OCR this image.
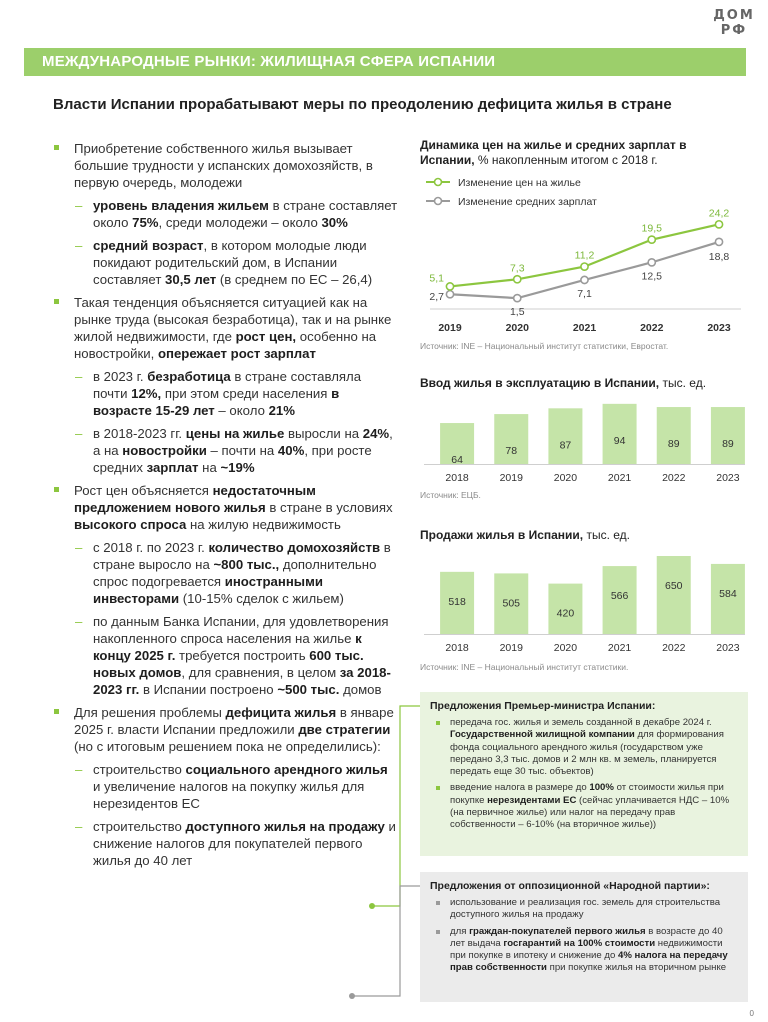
ДОМ
РФ
МЕЖДУНАРОДНЫЕ РЫНКИ: ЖИЛИЩНАЯ СФЕРА ИСПАНИИ
Власти Испании прорабатывают меры по преодолению дефицита жилья в стране
Приобретение собственного жилья вызывает большие трудности у испанских домохозяйств, в первую очередь, молодежи
– уровень владения жильем в стране составляет около 75%, среди молодежи – около 30%
– средний возраст, в котором молодые люди покидают родительский дом, в Испании составляет 30,5 лет (в среднем по ЕС – 26,4)
Такая тенденция объясняется ситуацией как на рынке труда (высокая безработица), так и на рынке жилой недвижимости, где рост цен, особенно на новостройки, опережает рост зарплат
– в 2023 г. безработица в стране составляла почти 12%, при этом среди населения в возрасте 15-29 лет – около 21%
– в 2018-2023 гг. цены на жилье выросли на 24%, а на новостройки – почти на 40%, при росте средних зарплат на ~19%
Рост цен объясняется недостаточным предложением нового жилья в стране в условиях высокого спроса на жилую недвижимость
– с 2018 г. по 2023 г. количество домохозяйств в стране выросло на ~800 тыс., дополнительно спрос подогревается иностранными инвесторами (10-15% сделок с жильем)
– по данным Банка Испании, для удовлетворения накопленного спроса населения на жилье к концу 2025 г. требуется построить 600 тыс. новых домов, для сравнения, в целом за 2018-2023 гг. в Испании построено ~500 тыс. домов
Для решения проблемы дефицита жилья в январе 2025 г. власти Испании предложили две стратегии (но с итоговым решением пока не определились):
– строительство социального арендного жилья и увеличение налогов на покупку жилья для нерезидентов ЕС
– строительство доступного жилья на продажу и снижение налогов для покупателей первого жилья до 40 лет
Динамика цен на жилье и средних зарплат в Испании, % накопленным итогом с 2018 г.
Изменение цен на жилье
Изменение средних зарплат
2019	2020	2021	2022	2023
5,1
7,3
11,2
19,5
24,2
2,7
1,5
7,1
12,5
18,8
Источник: INE – Национальный институт статистики, Евростат.
Ввод жилья в эксплуатацию в Испании, тыс. ед.
64
2018
78
2019
87
2020
94
2021
89
2022
89
2023
Источник: ЕЦБ.
Продажи жилья в Испании, тыс. ед.
518
2018
505
2019
420
2020
566
2021
650
2022
584
2023
Источник: INE – Национальный институт статистики.
Предложения Премьер-министра Испании:
передача гос. жилья и земель созданной в декабре 2024 г. Государственной жилищной компании для формирования фонда социального арендного жилья (государством уже передано 3,3 тыс. домов и 2 млн кв. м земель, планируется передать еще 30 тыс. объектов)
введение налога в размере до 100% от стоимости жилья при покупке нерезидентами ЕС (сейчас уплачивается НДС – 10% (на первичное жилье) или налог на передачу прав собственности – 6-10% (на вторичное жилье))
Предложения от оппозиционной «Народной партии»:
использование и реализация гос. земель для строительства доступного жилья на продажу
для граждан-покупателей первого жилья в возрасте до 40 лет выдача госгарантий на 100% стоимости недвижимости при покупке в ипотеку и снижение до 4% налога на передачу прав собственности при покупке жилья на вторичном рынке
0
